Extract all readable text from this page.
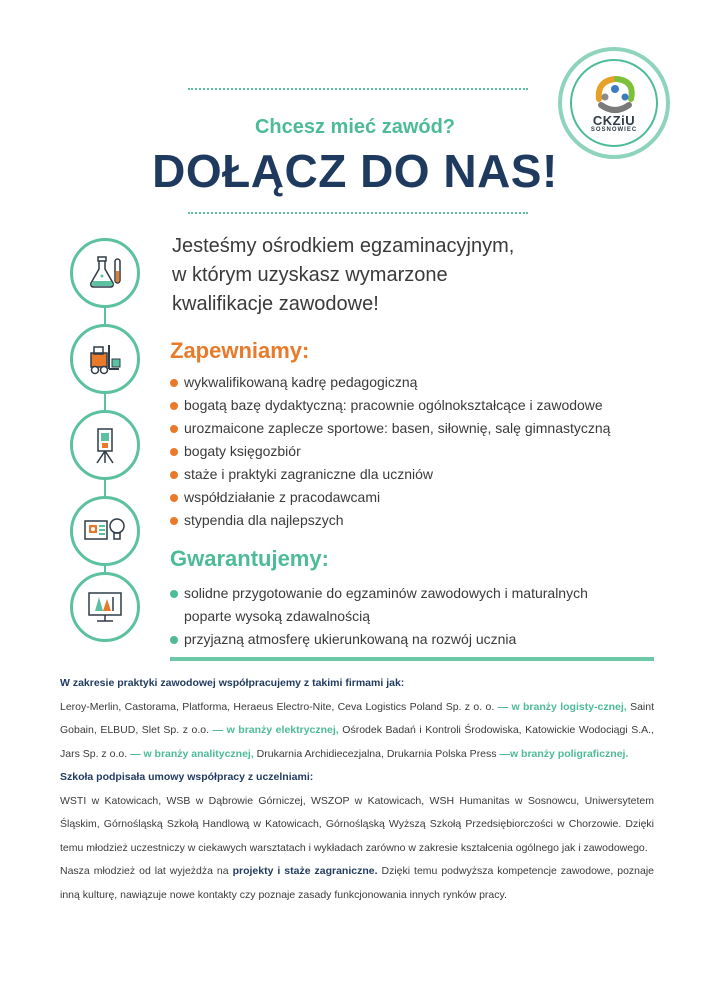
Chcesz mieć zawód?
DOŁĄCZ DO NAS!
CKZiU
SOSNOWIEC
Jesteśmy ośrodkiem egzaminacyjnym,
w którym uzyskasz wymarzone
kwalifikacje zawodowe!
Zapewniamy:
wykwalifikowaną kadrę pedagogiczną
bogatą bazę dydaktyczną: pracownie ogólnokształcące i zawodowe
urozmaicone zaplecze sportowe: basen, siłownię, salę gimnastyczną
bogaty księgozbiór
staże i praktyki zagraniczne dla uczniów
współdziałanie z pracodawcami
stypendia dla najlepszych
Gwarantujemy:
solidne przygotowanie do egzaminów zawodowych i maturalnych
poparte wysoką zdawalnością
przyjazną atmosferę ukierunkowaną na rozwój ucznia
W zakresie praktyki zawodowej współpracujemy z takimi firmami jak:
Leroy-Merlin, Castorama, Platforma, Heraeus Electro-Nite, Ceva Logistics Poland Sp. z o. o. — w branży logisty-cznej, Saint Gobain, ELBUD, Slet Sp. z o.o. — w branży elektrycznej, Ośrodek Badań i Kontroli Środowiska, Katowickie Wodociągi S.A., Jars Sp. z o.o. — w branży analitycznej, Drukarnia Archidiecezjalna, Drukarnia Polska Press —w branży poligraficznej.
Szkoła podpisała umowy współpracy z uczelniami:
WSTI w Katowicach, WSB w Dąbrowie Górniczej, WSZOP w Katowicach, WSH Humanitas w Sosnowcu, Uniwersytetem Śląskim, Górnośląską Szkołą Handlową w Katowicach, Górnośląską Wyższą Szkołą Przedsiębiorczości w Chorzowie. Dzięki temu młodzież uczestniczy w ciekawych warsztatach i wykładach zarówno w zakresie kształcenia ogólnego jak i zawodowego.
Nasza młodzież od lat wyjeżdża na projekty i staże zagraniczne. Dzięki temu podwyższa kompetencje zawodowe, poznaje inną kulturę, nawiązuje nowe kontakty czy poznaje zasady funkcjonowania innych rynków pracy.
